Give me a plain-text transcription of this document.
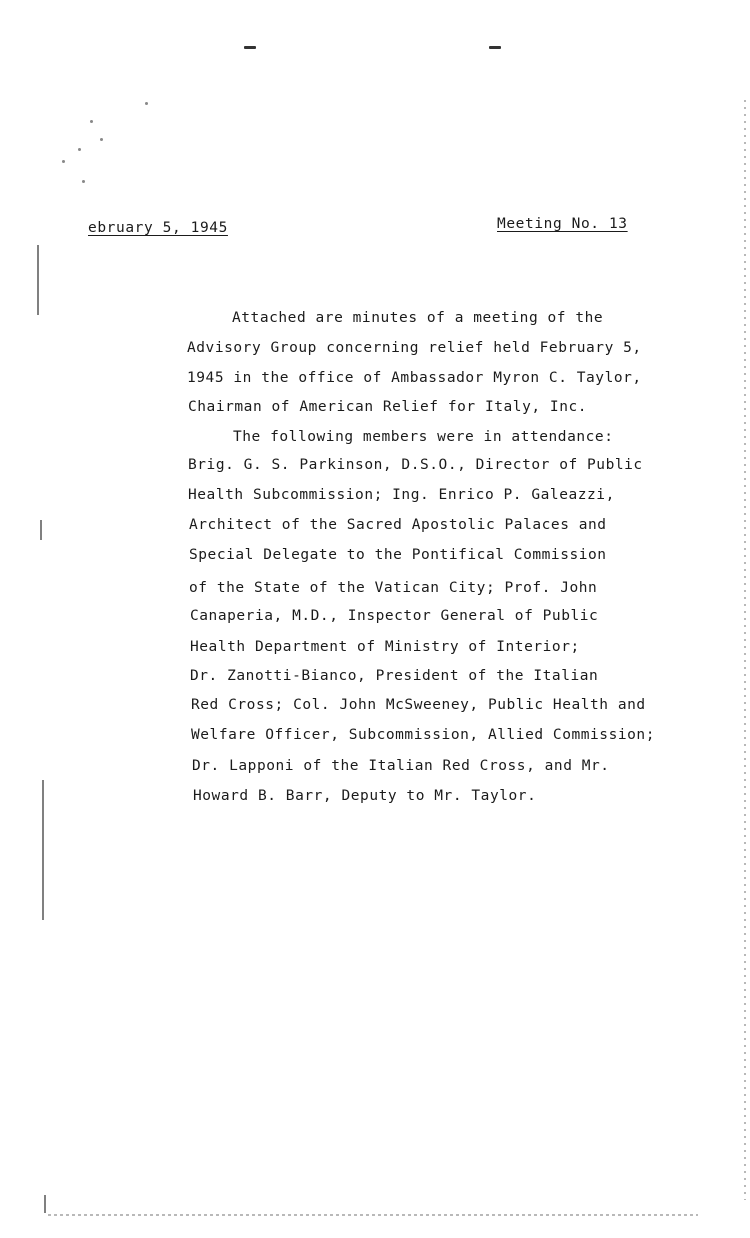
ebruary 5, 1945	Meeting No. 13
Attached are minutes of a meeting of the
Advisory Group concerning relief held February 5,
1945 in the office of Ambassador Myron C. Taylor,
Chairman of American Relief for Italy, Inc.
The following members were in attendance:
Brig. G. S. Parkinson, D.S.O., Director of Public
Health Subcommission; Ing. Enrico P. Galeazzi,
Architect of the Sacred Apostolic Palaces and
Special Delegate to the Pontifical Commission
of the State of the Vatican City; Prof. John
Canaperia, M.D., Inspector General of Public
Health Department of Ministry of Interior;
Dr. Zanotti-Bianco, President of the Italian
Red Cross; Col. John McSweeney, Public Health and
Welfare Officer, Subcommission, Allied Commission;
Dr. Lapponi of the Italian Red Cross, and Mr.
Howard B. Barr, Deputy to Mr. Taylor.
